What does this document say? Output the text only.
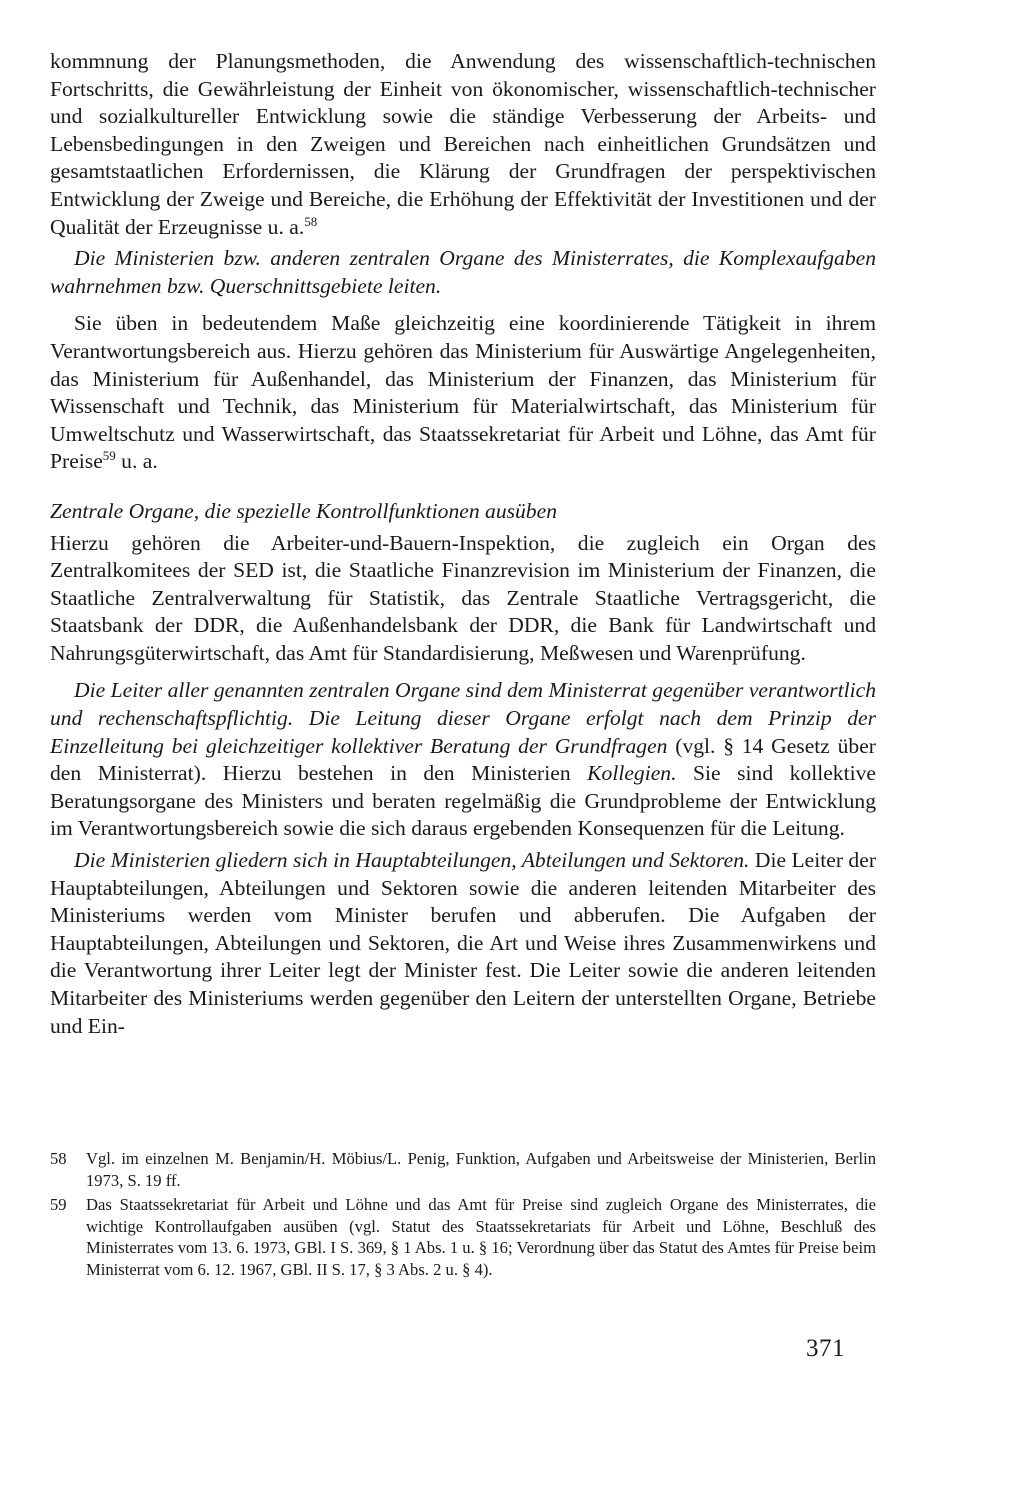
kommnung der Planungsmethoden, die Anwendung des wissenschaftlich-technischen Fortschritts, die Gewährleistung der Einheit von ökonomischer, wissenschaftlich-technischer und sozialkultureller Entwicklung sowie die ständige Verbesserung der Arbeits- und Lebensbedingungen in den Zweigen und Bereichen nach einheitlichen Grundsätzen und gesamtstaatlichen Erfordernissen, die Klärung der Grundfragen der perspektivischen Entwicklung der Zweige und Bereiche, die Erhöhung der Effektivität der Investitionen und der Qualität der Erzeugnisse u. a.$^{58}$

Die Ministerien bzw. anderen zentralen Organe des Ministerrates, die Komplexaufgaben wahrnehmen bzw. Querschnittsgebiete leiten.

Sie üben in bedeutendem Maße gleichzeitig eine koordinierende Tätigkeit in ihrem Verantwortungsbereich aus. Hierzu gehören das Ministerium für Auswärtige Angelegenheiten, das Ministerium für Außenhandel, das Ministerium der Finanzen, das Ministerium für Wissenschaft und Technik, das Ministerium für Materialwirtschaft, das Ministerium für Umweltschutz und Wasserwirtschaft, das Staatssekretariat für Arbeit und Löhne, das Amt für Preise$^{59}$ u. a.

Zentrale Organe, die spezielle Kontrollfunktionen ausüben

Hierzu gehören die Arbeiter-und-Bauern-Inspektion, die zugleich ein Organ des Zentralkomitees der SED ist, die Staatliche Finanzrevision im Ministerium der Finanzen, die Staatliche Zentralverwaltung für Statistik, das Zentrale Staatliche Vertragsgericht, die Staatsbank der DDR, die Außenhandelsbank der DDR, die Bank für Landwirtschaft und Nahrungsgüterwirtschaft, das Amt für Standardisierung, Meßwesen und Warenprüfung.

Die Leiter aller genannten zentralen Organe sind dem Ministerrat gegenüber verantwortlich und rechenschaftspflichtig. Die Leitung dieser Organe erfolgt nach dem Prinzip der Einzelleitung bei gleichzeitiger kollektiver Beratung der Grundfragen (vgl. § 14 Gesetz über den Ministerrat). Hierzu bestehen in den Ministerien Kollegien. Sie sind kollektive Beratungsorgane des Ministers und beraten regelmäßig die Grundprobleme der Entwicklung im Verantwortungsbereich sowie die sich daraus ergebenden Konsequenzen für die Leitung.

Die Ministerien gliedern sich in Hauptabteilungen, Abteilungen und Sektoren. Die Leiter der Hauptabteilungen, Abteilungen und Sektoren sowie die anderen leitenden Mitarbeiter des Ministeriums werden vom Minister berufen und abberufen. Die Aufgaben der Hauptabteilungen, Abteilungen und Sektoren, die Art und Weise ihres Zusammenwirkens und die Verantwortung ihrer Leiter legt der Minister fest. Die Leiter sowie die anderen leitenden Mitarbeiter des Ministeriums werden gegenüber den Leitern der unterstellten Organe, Betriebe und Ein-

58	Vgl. im einzelnen M. Benjamin/H. Möbius/L. Penig, Funktion, Aufgaben und Arbeitsweise der Ministerien, Berlin 1973, S. 19 ff.
59	Das Staatssekretariat für Arbeit und Löhne und das Amt für Preise sind zugleich Organe des Ministerrates, die wichtige Kontrollaufgaben ausüben (vgl. Statut des Staatssekretariats für Arbeit und Löhne, Beschluß des Ministerrates vom 13. 6. 1973, GBl. I S. 369, § 1 Abs. 1 u. § 16; Verordnung über das Statut des Amtes für Preise beim Ministerrat vom 6. 12. 1967, GBl. II S. 17, § 3 Abs. 2 u. § 4).
371
